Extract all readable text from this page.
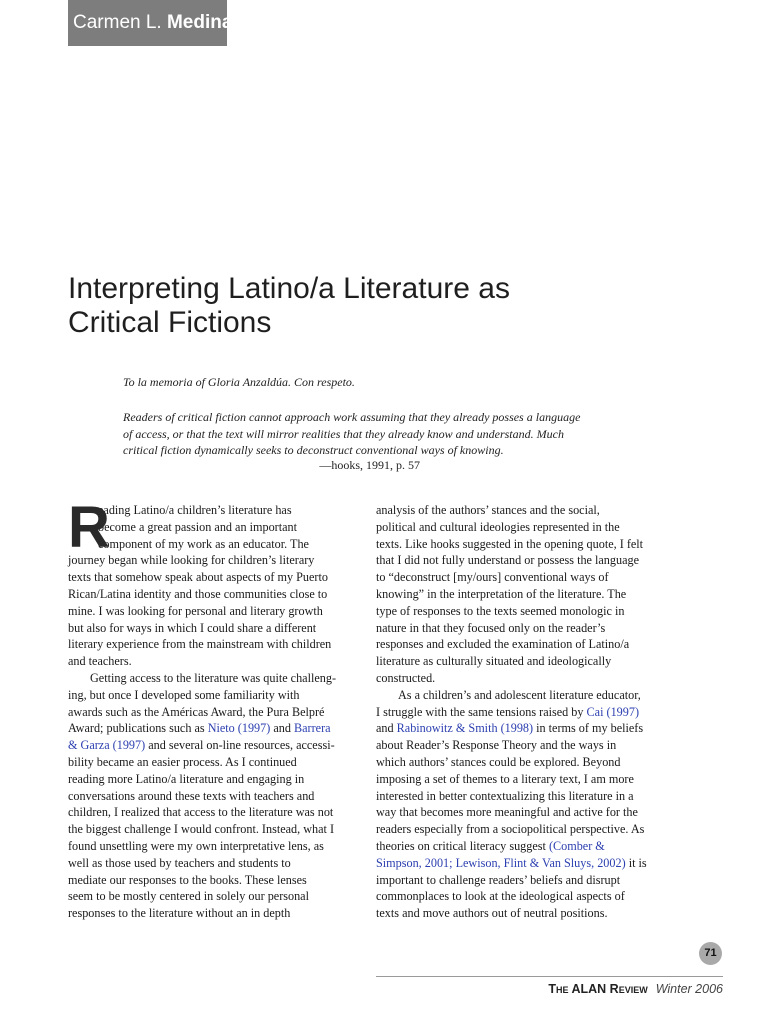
Carmen L. Medina
Interpreting Latino/a Literature as
Critical Fictions

To la memoria of Gloria Anzaldúa. Con respeto.

Readers of critical fiction cannot approach work assuming that they already posses a language
of access, or that the text will mirror realities that they already know and understand. Much
critical fiction dynamically seeks to deconstruct conventional ways of knowing.

—hooks, 1991, p. 57
R
eading Latino/a children’s literature has
become a great passion and an important
component of my work as an educator. The
journey began while looking for children’s literary
texts that somehow speak about aspects of my Puerto
Rican/Latina identity and those communities close to
mine. I was looking for personal and literary growth
but also for ways in which I could share a different
literary experience from the mainstream with children
and teachers.
Getting access to the literature was quite challeng-
ing, but once I developed some familiarity with
awards such as the Américas Award, the Pura Belpré
Award; publications such as Nieto (1997) and Barrera
& Garza (1997) and several on-line resources, accessi-
bility became an easier process. As I continued
reading more Latino/a literature and engaging in
conversations around these texts with teachers and
children, I realized that access to the literature was not
the biggest challenge I would confront. Instead, what I
found unsettling were my own interpretative lens, as
well as those used by teachers and students to
mediate our responses to the books. These lenses
seem to be mostly centered in solely our personal
responses to the literature without an in depth
analysis of the authors’ stances and the social,
political and cultural ideologies represented in the
texts. Like hooks suggested in the opening quote, I felt
that I did not fully understand or possess the language
to “deconstruct [my/ours] conventional ways of
knowing” in the interpretation of the literature. The
type of responses to the texts seemed monologic in
nature in that they focused only on the reader’s
responses and excluded the examination of Latino/a
literature as culturally situated and ideologically
constructed.
As a children’s and adolescent literature educator,
I struggle with the same tensions raised by Cai (1997)
and Rabinowitz & Smith (1998) in terms of my beliefs
about Reader’s Response Theory and the ways in
which authors’ stances could be explored. Beyond
imposing a set of themes to a literary text, I am more
interested in better contextualizing this literature in a
way that becomes more meaningful and active for the
readers especially from a sociopolitical perspective. As
theories on critical literacy suggest (Comber &
Simpson, 2001; Lewison, Flint & Van Sluys, 2002) it is
important to challenge readers’ beliefs and disrupt
commonplaces to look at the ideological aspects of
texts and move authors out of neutral positions.
71
The ALAN Review Winter 2006
